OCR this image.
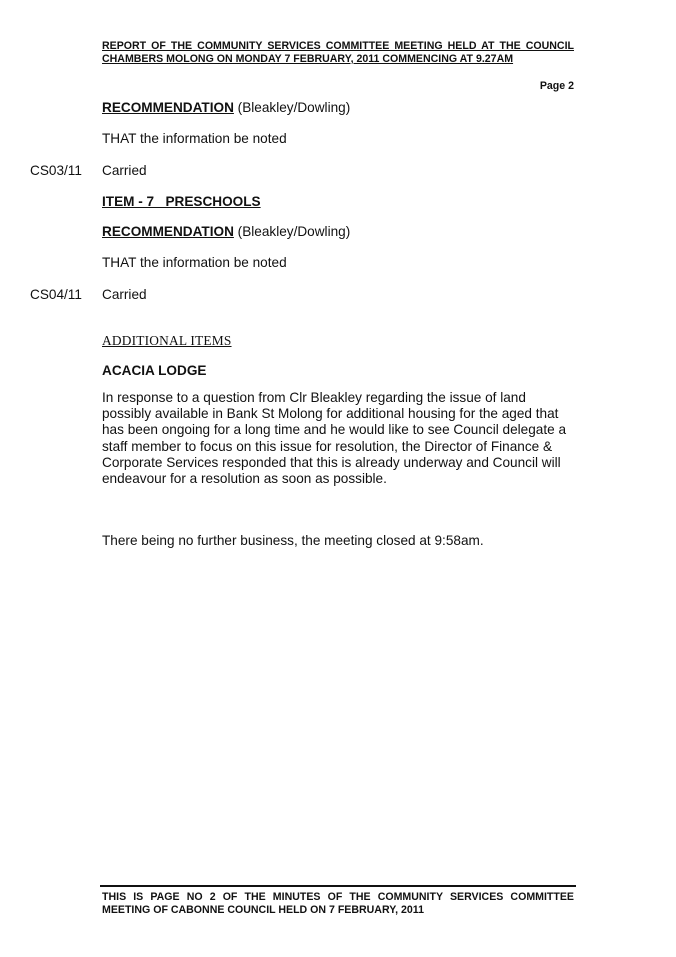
REPORT OF THE COMMUNITY SERVICES COMMITTEE MEETING HELD AT THE COUNCIL CHAMBERS MOLONG ON MONDAY 7 FEBRUARY, 2011 COMMENCING AT 9.27AM
Page 2
RECOMMENDATION (Bleakley/Dowling)
THAT the information be noted
CS03/11 Carried
ITEM - 7   PRESCHOOLS
RECOMMENDATION (Bleakley/Dowling)
THAT the information be noted
CS04/11 Carried
ADDITIONAL ITEMS
ACACIA LODGE
In response to a question from Clr Bleakley regarding the issue of land possibly available in Bank St Molong for additional housing for the aged that has been ongoing for a long time and he would like to see Council delegate a staff member to focus on this issue for resolution, the Director of Finance & Corporate Services responded that this is already underway and Council will endeavour for a resolution as soon as possible.
There being no further business, the meeting closed at 9:58am.
THIS IS PAGE NO 2 OF THE MINUTES OF THE COMMUNITY SERVICES COMMITTEE MEETING OF CABONNE COUNCIL HELD ON 7 FEBRUARY, 2011
